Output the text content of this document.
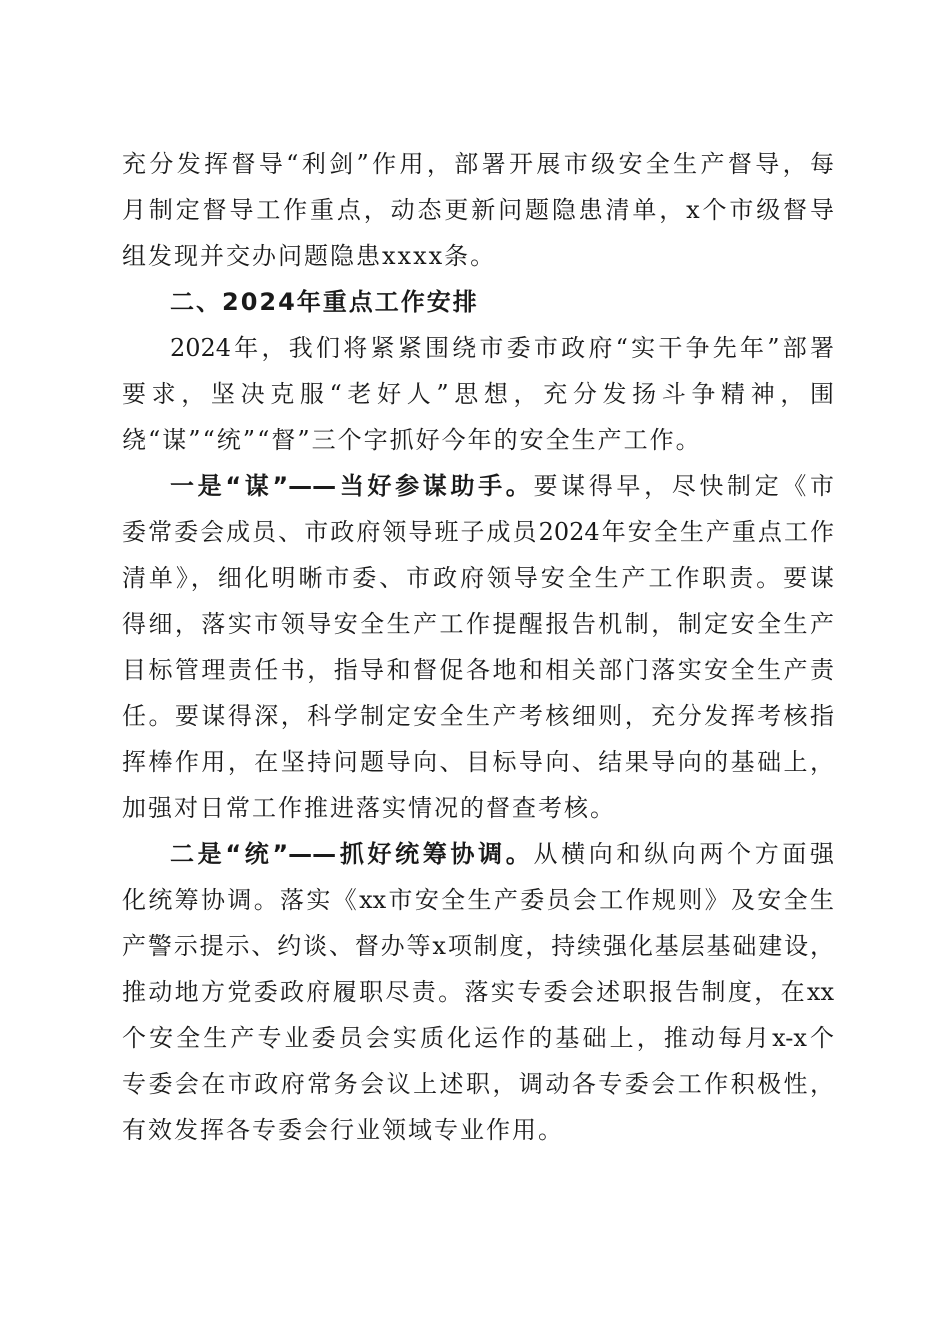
充分发挥督导“利剑”作用，部署开展市级安全生产督导，每
月制定督导工作重点，动态更新问题隐患清单，x个市级督导
组发现并交办问题隐患xxxx条。
二、2024年重点工作安排
2024年，我们将紧紧围绕市委市政府“实干争先年”部署
要求，坚决克服“老好人”思想，充分发扬斗争精神，围
绕“谋”“统”“督”三个字抓好今年的安全生产工作。
一是“谋”——当好参谋助手。要谋得早，尽快制定《市
委常委会成员、市政府领导班子成员2024年安全生产重点工作
清单》，细化明晰市委、市政府领导安全生产工作职责。要谋
得细，落实市领导安全生产工作提醒报告机制，制定安全生产
目标管理责任书，指导和督促各地和相关部门落实安全生产责
任。要谋得深，科学制定安全生产考核细则，充分发挥考核指
挥棒作用，在坚持问题导向、目标导向、结果导向的基础上，
加强对日常工作推进落实情况的督查考核。
二是“统”——抓好统筹协调。从横向和纵向两个方面强
化统筹协调。落实《xx市安全生产委员会工作规则》及安全生
产警示提示、约谈、督办等x项制度，持续强化基层基础建设，
推动地方党委政府履职尽责。落实专委会述职报告制度，在xx
个安全生产专业委员会实质化运作的基础上，推动每月x-x个
专委会在市政府常务会议上述职，调动各专委会工作积极性，
有效发挥各专委会行业领域专业作用。
